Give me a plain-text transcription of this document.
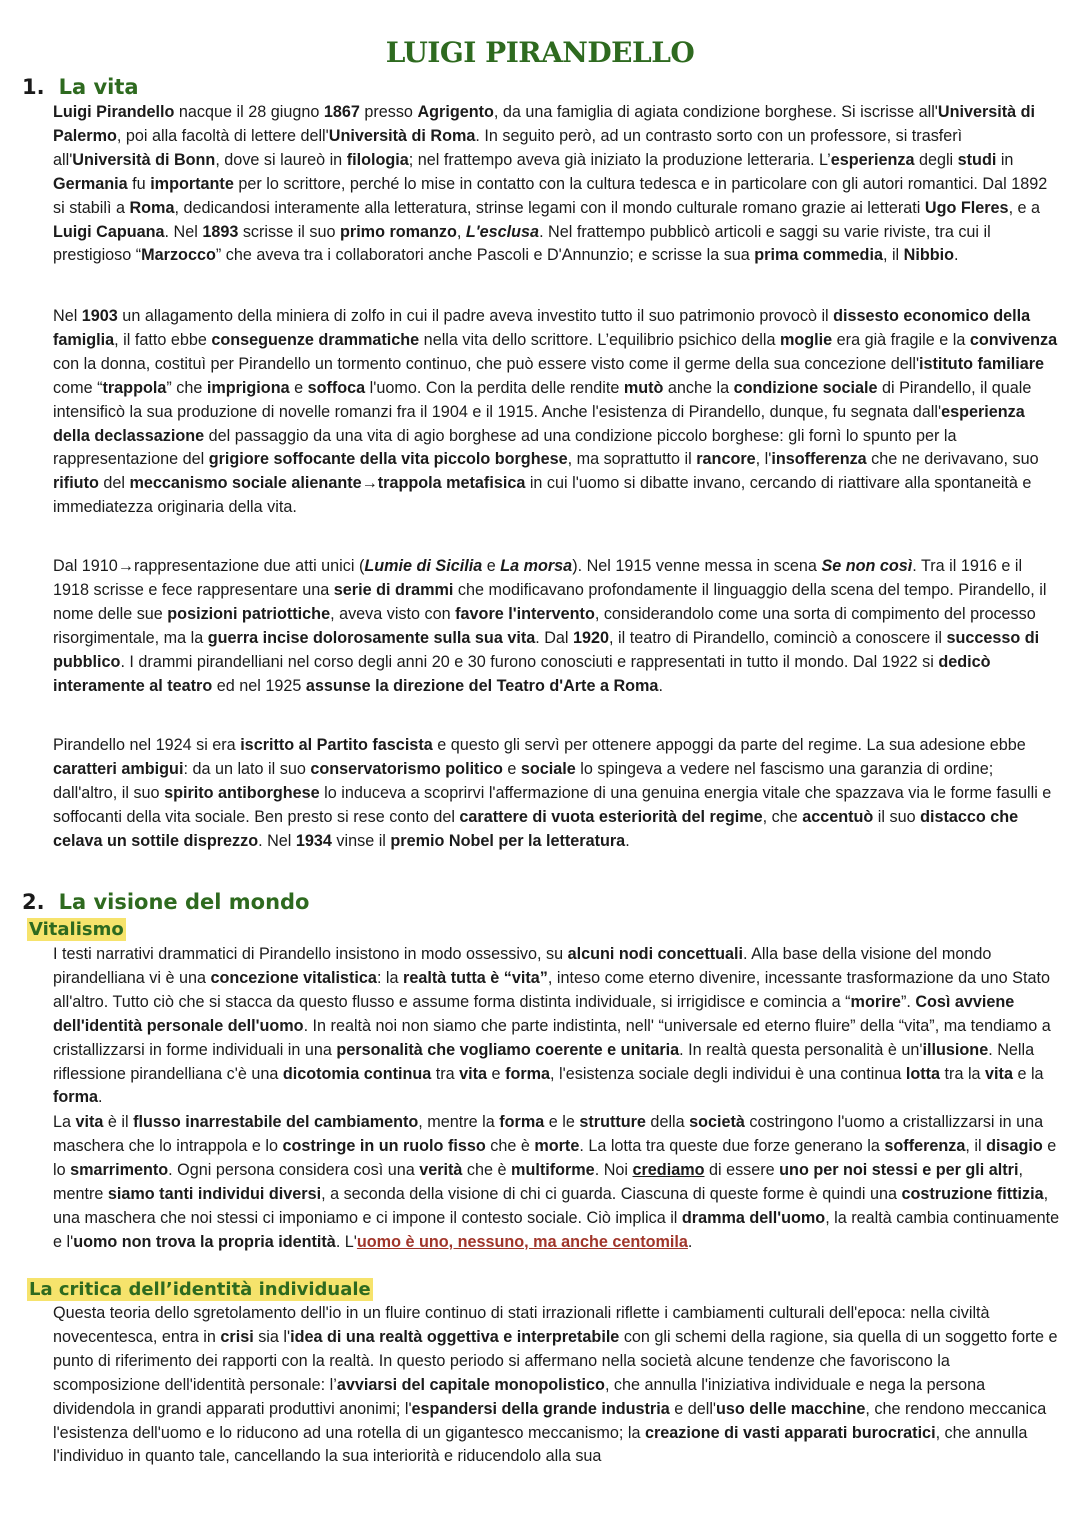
LUIGI PIRANDELLO
1. La vita

Luigi Pirandello nacque il 28 giugno 1867 presso Agrigento, da una famiglia di agiata condizione borghese. Si iscrisse all'Università di Palermo, poi alla facoltà di lettere dell'Università di Roma. In seguito però, ad un contrasto sorto con un professore, si trasferì all'Università di Bonn, dove si laureò in filologia; nel frattempo aveva già iniziato la produzione letteraria. L’esperienza degli studi in Germania fu importante per lo scrittore, perché lo mise in contatto con la cultura tedesca e in particolare con gli autori romantici. Dal 1892 si stabilì a Roma, dedicandosi interamente alla letteratura, strinse legami con il mondo culturale romano grazie ai letterati Ugo Fleres, e a Luigi Capuana. Nel 1893 scrisse il suo primo romanzo, L'esclusa. Nel frattempo pubblicò articoli e saggi su varie riviste, tra cui il prestigioso “Marzocco” che aveva tra i collaboratori anche Pascoli e D'Annunzio; e scrisse la sua prima commedia, il Nibbio.

Nel 1903 un allagamento della miniera di zolfo in cui il padre aveva investito tutto il suo patrimonio provocò il dissesto economico della famiglia, il fatto ebbe conseguenze drammatiche nella vita dello scrittore. L’equilibrio psichico della moglie era già fragile e la convivenza con la donna, costituì per Pirandello un tormento continuo, che può essere visto come il germe della sua concezione dell'istituto familiare come “trappola” che imprigiona e soffoca l'uomo. Con la perdita delle rendite mutò anche la condizione sociale di Pirandello, il quale intensificò la sua produzione di novelle romanzi fra il 1904 e il 1915. Anche l'esistenza di Pirandello, dunque, fu segnata dall'esperienza della declassazione del passaggio da una vita di agio borghese ad una condizione piccolo borghese: gli fornì lo spunto per la rappresentazione del grigiore soffocante della vita piccolo borghese, ma soprattutto il rancore, l'insofferenza che ne derivavano, suo rifiuto del meccanismo sociale alienante→trappola metafisica in cui l'uomo si dibatte invano, cercando di riattivare alla spontaneità e immediatezza originaria della vita.

Dal 1910→rappresentazione due atti unici (Lumie di Sicilia e La morsa). Nel 1915 venne messa in scena Se non così. Tra il 1916 e il 1918 scrisse e fece rappresentare una serie di drammi che modificavano profondamente il linguaggio della scena del tempo. Pirandello, il nome delle sue posizioni patriottiche, aveva visto con favore l'intervento, considerandolo come una sorta di compimento del processo risorgimentale, ma la guerra incise dolorosamente sulla sua vita. Dal 1920, il teatro di Pirandello, cominciò a conoscere il successo di pubblico. I drammi pirandelliani nel corso degli anni 20 e 30 furono conosciuti e rappresentati in tutto il mondo. Dal 1922 si dedicò interamente al teatro ed nel 1925 assunse la direzione del Teatro d'Arte a Roma.

Pirandello nel 1924 si era iscritto al Partito fascista e questo gli servì per ottenere appoggi da parte del regime. La sua adesione ebbe caratteri ambigui: da un lato il suo conservatorismo politico e sociale lo spingeva a vedere nel fascismo una garanzia di ordine; dall'altro, il suo spirito antiborghese lo induceva a scoprirvi l'affermazione di una genuina energia vitale che spazzava via le forme fasulli e soffocanti della vita sociale. Ben presto si rese conto del carattere di vuota esteriorità del regime, che accentuò il suo distacco che celava un sottile disprezzo. Nel 1934 vinse il premio Nobel per la letteratura.

2. La visione del mondo
Vitalismo

I testi narrativi drammatici di Pirandello insistono in modo ossessivo, su alcuni nodi concettuali. Alla base della visione del mondo pirandelliana vi è una concezione vitalistica: la realtà tutta è “vita”, inteso come eterno divenire, incessante trasformazione da uno Stato all'altro. Tutto ciò che si stacca da questo flusso e assume forma distinta individuale, si irrigidisce e comincia a “morire”. Così avviene dell'identità personale dell'uomo. In realtà noi non siamo che parte indistinta, nell' “universale ed eterno fluire” della “vita”, ma tendiamo a cristallizzarsi in forme individuali in una personalità che vogliamo coerente e unitaria. In realtà questa personalità è un'illusione. Nella riflessione pirandelliana c'è una dicotomia continua tra vita e forma, l'esistenza sociale degli individui è una continua lotta tra la vita e la forma.

La vita è il flusso inarrestabile del cambiamento, mentre la forma e le strutture della società costringono l'uomo a cristallizzarsi in una maschera che lo intrappola e lo costringe in un ruolo fisso che è morte. La lotta tra queste due forze generano la sofferenza, il disagio e lo smarrimento. Ogni persona considera così una verità che è multiforme. Noi crediamo di essere uno per noi stessi e per gli altri, mentre siamo tanti individui diversi, a seconda della visione di chi ci guarda. Ciascuna di queste forme è quindi una costruzione fittizia, una maschera che noi stessi ci imponiamo e ci impone il contesto sociale. Ciò implica il dramma dell'uomo, la realtà cambia continuamente e l'uomo non trova la propria identità. L'uomo è uno, nessuno, ma anche centomila.

La critica dell’identità individuale

Questa teoria dello sgretolamento dell'io in un fluire continuo di stati irrazionali riflette i cambiamenti culturali dell'epoca: nella civiltà novecentesca, entra in crisi sia l'idea di una realtà oggettiva e interpretabile con gli schemi della ragione, sia quella di un soggetto forte e punto di riferimento dei rapporti con la realtà. In questo periodo si affermano nella società alcune tendenze che favoriscono la scomposizione dell'identità personale: l’avviarsi del capitale monopolistico, che annulla l'iniziativa individuale e nega la persona dividendola in grandi apparati produttivi anonimi; l'espandersi della grande industria e dell'uso delle macchine, che rendono meccanica l'esistenza dell'uomo e lo riducono ad una rotella di un gigantesco meccanismo; la creazione di vasti apparati burocratici, che annulla l'individuo in quanto tale, cancellando la sua interiorità e riducendolo alla sua
